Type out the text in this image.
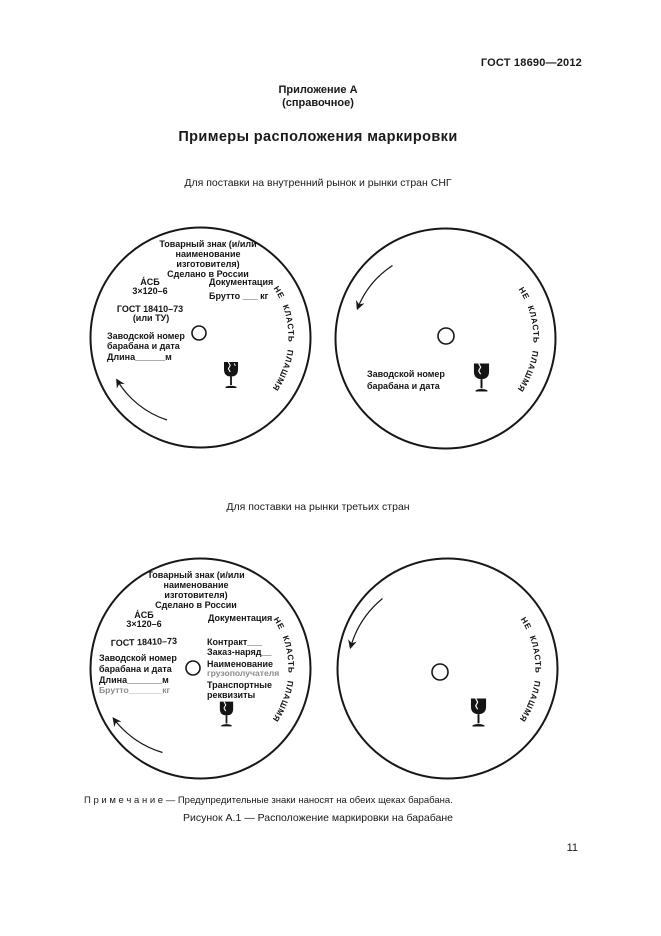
ГОСТ 18690—2012
Приложение А
(справочное)
Примеры расположения маркировки
Для поставки на внутренний рынок и рынки стран СНГ
НЕ КЛАСТЬ ПЛАШМЯ
Товарный знак (и/или
наименование
изготовителя)
Сделано в России
А́СБ
3×120–6
ГОСТ 18410–73
(или ТУ)
Заводской номер
барабана и дата
Длина______м
Документация
Брутто ___ кг
НЕ КЛАСТЬ ПЛАШМЯ
Заводской номер
барабана и дата
Для поставки на рынки третьих стран
НЕ КЛАСТЬ ПЛАШМЯ
Товарный знак (и/или
наименование
изготовителя)
Сделано в России
А́СБ
3×120–6
ГОСТ 18410–73
Заводской номер
барабана и дата
Длина_______м
Брутто_______кг
Документация
Контракт___
Заказ-наряд__
Наименование
грузополучателя
Транспортные
реквизиты
НЕ КЛАСТЬ ПЛАШМЯ
П р и м е ч а н и е — Предупредительные знаки наносят на обеих щеках барабана.
Рисунок А.1 — Расположение маркировки на барабане
11
